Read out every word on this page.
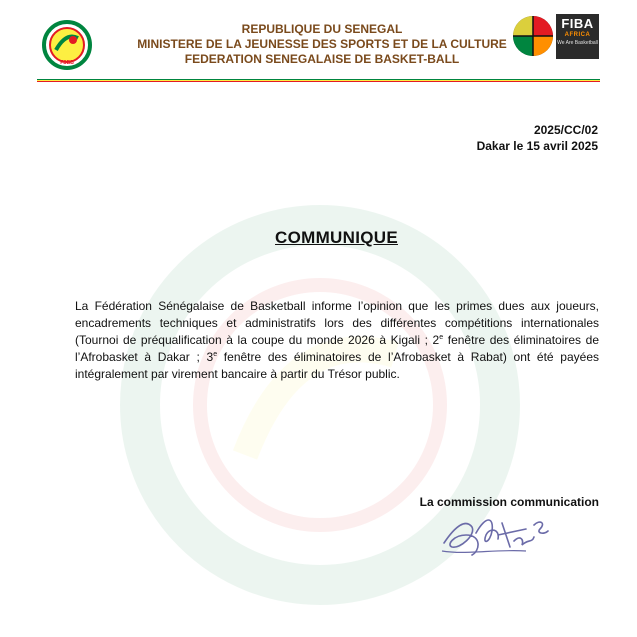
FSBB
REPUBLIQUE DU SENEGAL
MINISTERE DE LA JEUNESSE DES SPORTS ET DE LA CULTURE
FEDERATION SENEGALAISE DE BASKET-BALL
FIBA
AFRICA
We Are Basketball
2025/CC/02
Dakar le 15 avril 2025
COMMUNIQUE
La Fédération Sénégalaise de Basketball informe l’opinion que les primes dues aux joueurs, encadrements techniques et administratifs lors des différentes compétitions internationales (Tournoi de préqualification à la coupe du monde 2026 à Kigali ; 2e fenêtre des éliminatoires de l’Afrobasket à Dakar ; 3e fenêtre des éliminatoires de l’Afrobasket à Rabat) ont été payées intégralement par virement bancaire à partir du Trésor public.
La commission communication
